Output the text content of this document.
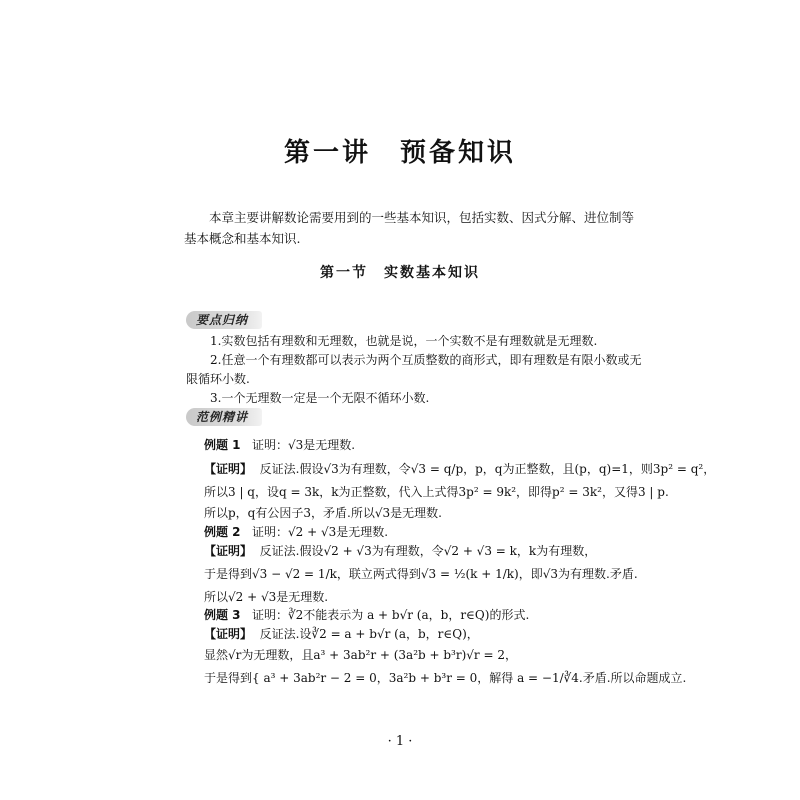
第一讲　预备知识
本章主要讲解数论需要用到的一些基本知识，包括实数、因式分解、进位制等基本概念和基本知识.
第一节　实数基本知识
要点归纳

1.实数包括有理数和无理数，也就是说，一个实数不是有理数就是无理数.

2.任意一个有理数都可以表示为两个互质整数的商形式，即有理数是有限小数或无限循环小数.

3.一个无理数一定是一个无限不循环小数.

范例精讲
例题 1 证明：√3是无理数.
【证明】 反证法.假设√3为有理数，令√3 = q/p，p，q为正整数，且(p，q)=1，则3p² = q²，
所以3 | q，设q = 3k，k为正整数，代入上式得3p² = 9k²，即得p² = 3k²，又得3 | p.
所以p，q有公因子3，矛盾.所以√3是无理数.
例题 2 证明：√2 + √3是无理数.
【证明】 反证法.假设√2 + √3为有理数，令√2 + √3 = k，k为有理数，
于是得到√3 − √2 = 1/k，联立两式得到√3 = ½(k + 1/k)，即√3为有理数.矛盾.
所以√2 + √3是无理数.
例题 3 证明：∛2不能表示为 a + b√r (a，b，r∈Q)的形式.
【证明】 反证法.设∛2 = a + b√r (a，b，r∈Q)，
显然√r为无理数，且a³ + 3ab²r + (3a²b + b³r)√r = 2，
于是得到{ a³ + 3ab²r − 2 = 0，3a²b + b³r = 0，解得 a = −1/∛4.矛盾.所以命题成立.
· 1 ·
